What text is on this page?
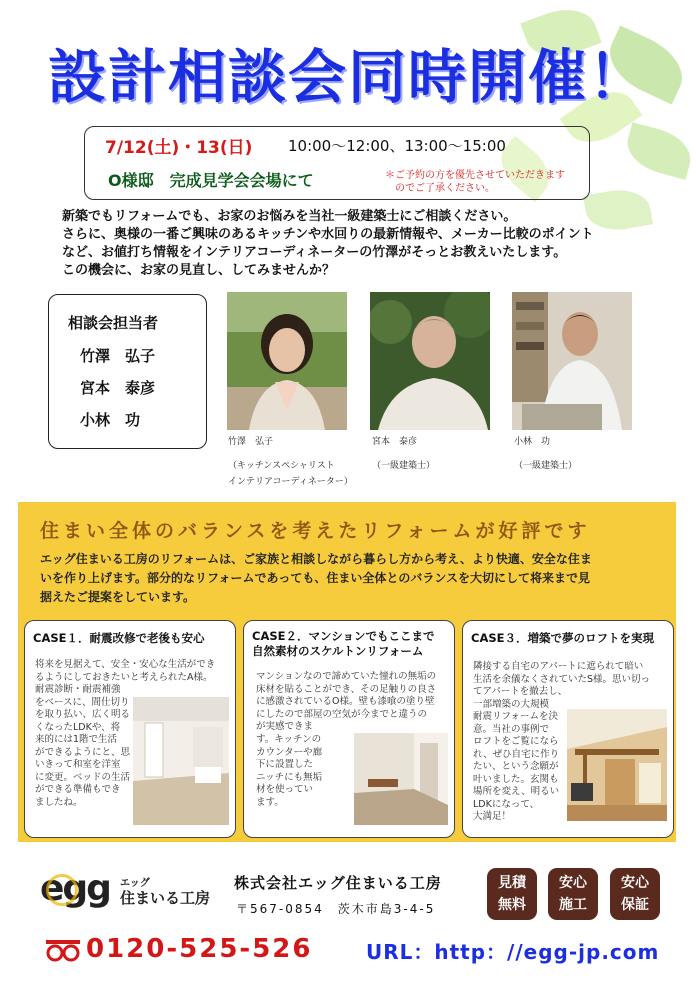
設計相談会同時開催！
7/12(土)・13(日) 10:00～12:00、13:00～15:00
O様邸　完成見学会会場にて	＊ご予約の方を優先させていただきます
のでご了承ください。
新築でもリフォームでも、お家のお悩みを当社一級建築士にご相談ください。
さらに、奥様の一番ご興味のあるキッチンや水回りの最新情報や、メーカー比較のポイント
など、お値打ち情報をインテリアコーディネーターの竹澤がそっとお教えいたします。
この機会に、お家の見直し、してみませんか？
相談会担当者
竹澤　弘子
宮本　泰彦
小林　功
竹澤　弘子
（キッチンスペシャリスト
インテリアコーディネーター）
宮本　泰彦
（一級建築士）
小林　功
（一級建築士）
住まい全体のバランスを考えたリフォームが好評です
エッグ住まいる工房のリフォームは、ご家族と相談しながら暮らし方から考え、より快適、安全な住ま
いを作り上げます。部分的なリフォームであっても、住まい全体とのバランスを大切にして将来まで見
据えたご提案をしています。
CASE１．耐震改修で老後も安心
将来を見据えて、安全・安心な生活ができ
るようにしておきたいと考えられたA様。
耐震診断・耐震補強
をベースに、間仕切り
を取り払い、広く明る
くなったLDKや、将
来的には1階で生活
ができるようにと、思
いきって和室を洋室
に変更。ベッドの生活
ができる準備もでき
ましたね。
CASE２．マンションでもここまで
自然素材のスケルトンリフォーム
マンションなので諦めていた憧れの無垢の
床材を貼ることができ、その足触りの良さ
に感激されているO様。壁も漆喰の塗り壁
にしたので部屋の空気が今までと違うの
が実感できま
す。キッチンの
カウンターや廊
下に設置した
ニッチにも無垢
材を使ってい
ます。
CASE３．増築で夢のロフトを実現
隣接する自宅のアパートに遮られて暗い
生活を余儀なくされていたS様。思い切っ
てアパートを撤去し、
一部増築の大規模
耐震リフォームを決
意。当社の事例で
ロフトをご覧になら
れ、ぜひ自宅に作り
たい、という念願が
叶いました。玄関も
場所を変え、明るい
LDKになって、
大満足！
egg エッグ
住まいる工房
株式会社エッグ住まいる工房
〒567-0854　茨木市島3-4-5
見積
無料
安心
施工
安心
保証
0120-525-526	URL：http：//egg-jp.com
